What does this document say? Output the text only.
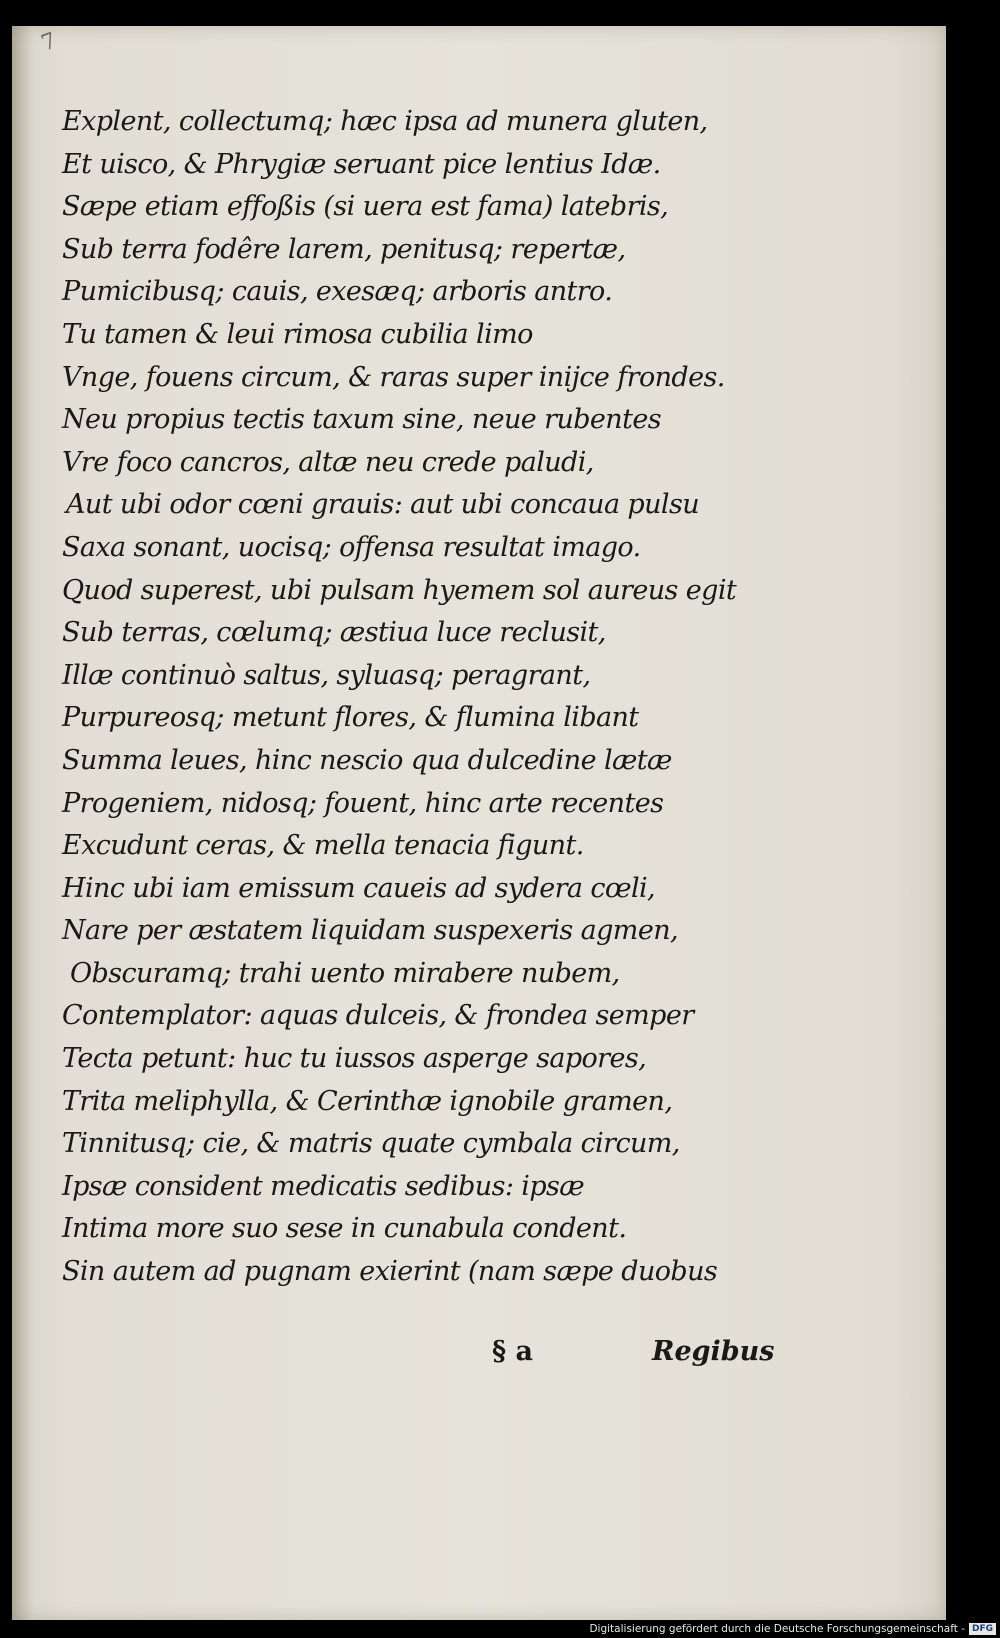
7
Explent, collectumq; hæc ipsa ad munera gluten,
Et uisco, & Phrygiæ seruant pice lentius Idæ.
Sæpe etiam effoßis (si uera est fama) latebris,
Sub terra fodêre larem, penitusq; repertæ,
Pumicibusq; cauis, exesæq; arboris antro.
Tu tamen & leui rimosa cubilia limo
Vnge, fouens circum, & raras super inijce frondes.
Neu propius tectis taxum sine, neue rubentes
Vre foco cancros, altæ neu crede paludi,
Aut ubi odor cœni grauis: aut ubi concaua pulsu
Saxa sonant, uocisq; offensa resultat imago.
Quod superest, ubi pulsam hyemem sol aureus egit
Sub terras, cœlumq; æstiua luce reclusit,
Illæ continuò saltus, syluasq; peragrant,
Purpureosq; metunt flores, & flumina libant
Summa leues, hinc nescio qua dulcedine lætæ
Progeniem, nidosq; fouent, hinc arte recentes
Excudunt ceras, & mella tenacia figunt.
Hinc ubi iam emissum caueis ad sydera cœli,
Nare per æstatem liquidam suspexeris agmen,
Obscuramq; trahi uento mirabere nubem,
Contemplator: aquas dulceis, & frondea semper
Tecta petunt: huc tu iussos asperge sapores,
Trita meliphylla, & Cerinthæ ignobile gramen,
Tinnitusq; cie, & matris quate cymbala circum,
Ipsæ consident medicatis sedibus: ipsæ
Intima more suo sese in cunabula condent.
Sin autem ad pugnam exierint (nam sæpe duobus
§ a	Regibus
Digitalisierung gefördert durch die Deutsche Forschungsgemeinschaft - DFG
